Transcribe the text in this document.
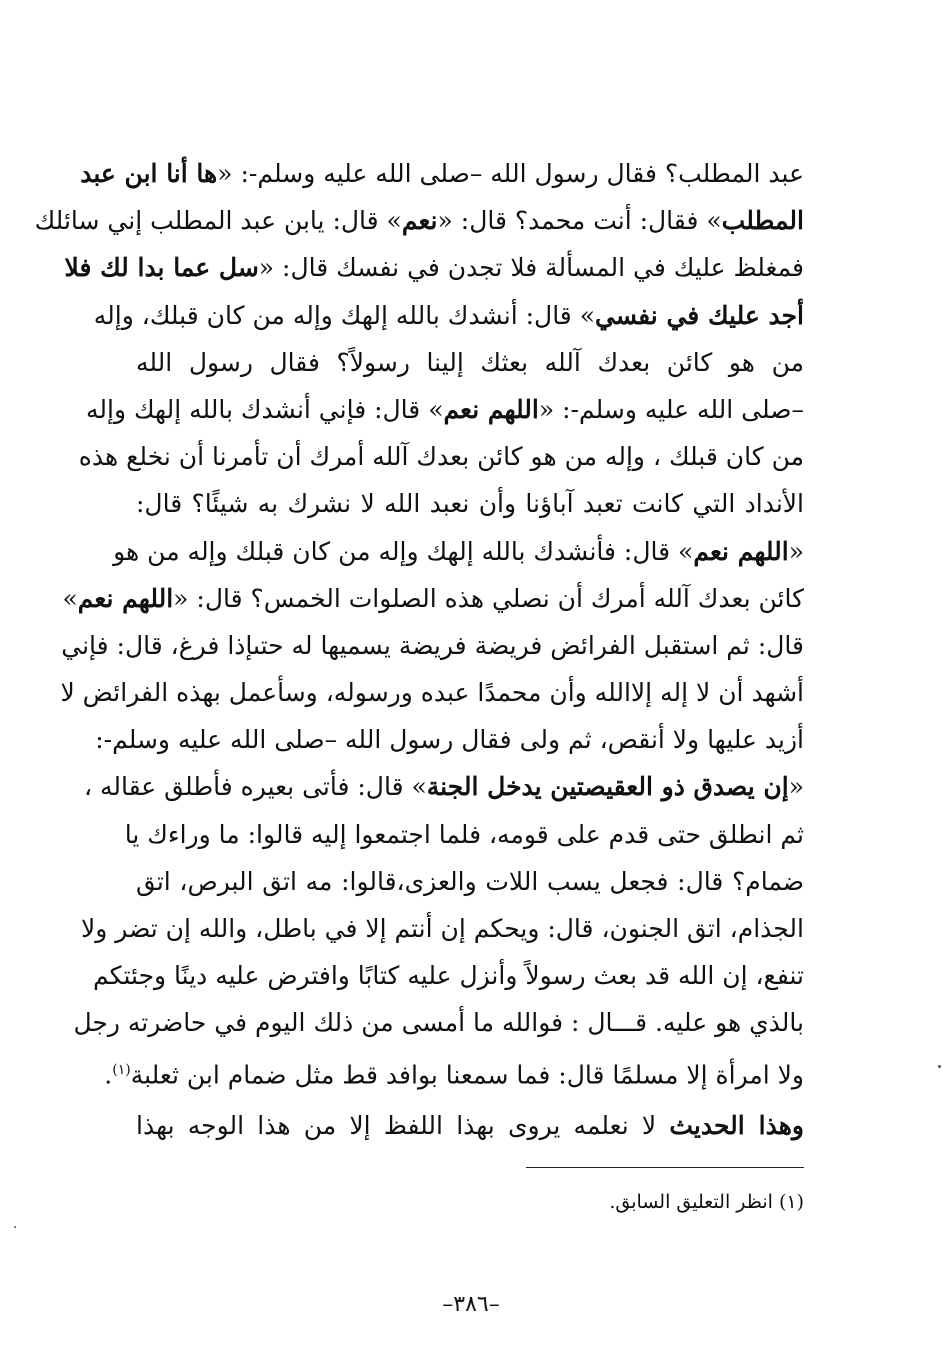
عبد المطلب؟ فقال رسول الله –صلى الله عليه وسلم-: «ها أنا ابن عبد
المطلب» فقال: أنت محمد؟ قال: «نعم» قال: يابن عبد المطلب إني سائلك
فمغلظ عليك في المسألة فلا تجدن في نفسك قال: «سل عما بدا لك فلا
أجد عليك في نفسي» قال: أنشدك بالله إلهك وإله من كان قبلك، وإله
من هو كائن بعدك آلله بعثك إلينا رسولاً؟ فقال رسول الله
–صلى الله عليه وسلم-: «اللهم نعم» قال: فإني أنشدك بالله إلهك وإله
من كان قبلك ، وإله من هو كائن بعدك آلله أمرك أن تأمرنا أن نخلع هذه
الأنداد التي كانت تعبد آباؤنا وأن نعبد الله لا نشرك به شيئًا؟ قال:
«اللهم نعم» قال: فأنشدك بالله إلهك وإله من كان قبلك وإله من هو
كائن بعدك آلله أمرك أن نصلي هذه الصلوات الخمس؟ قال: «اللهم نعم»
قال: ثم استقبل الفرائض فريضة فريضة يسميها له حتىإذا فرغ، قال: فإني
أشهد أن لا إله إلاالله وأن محمدًا عبده ورسوله، وسأعمل بهذه الفرائض لا
أزيد عليها ولا أنقص، ثم ولى فقال رسول الله –صلى الله عليه وسلم-:
«إن يصدق ذو العقيصتين يدخل الجنة» قال: فأتى بعيره فأطلق عقاله ،
ثم انطلق حتى قدم على قومه، فلما اجتمعوا إليه قالوا: ما وراءك يا
ضمام؟ قال: فجعل يسب اللات والعزى،قالوا: مه اتق البرص، اتق
الجذام، اتق الجنون، قال: ويحكم إن أنتم إلا في باطل، والله إن تضر ولا
تنفع، إن الله قد بعث رسولاً وأنزل عليه كتابًا وافترض عليه دينًا وجئتكم
بالذي هو عليه. قـــال : فوالله ما أمسى من ذلك اليوم في حاضرته رجل
ولا امرأة إلا مسلمًا قال: فما سمعنا بوافد قط مثل ضمام ابن ثعلبة$^{(١)}$.
وهذا الحديث لا نعلمه يروى بهذا اللفظ إلا من هذا الوجه بهذا
(١) انظر التعليق السابق.
–٣٨٦–
